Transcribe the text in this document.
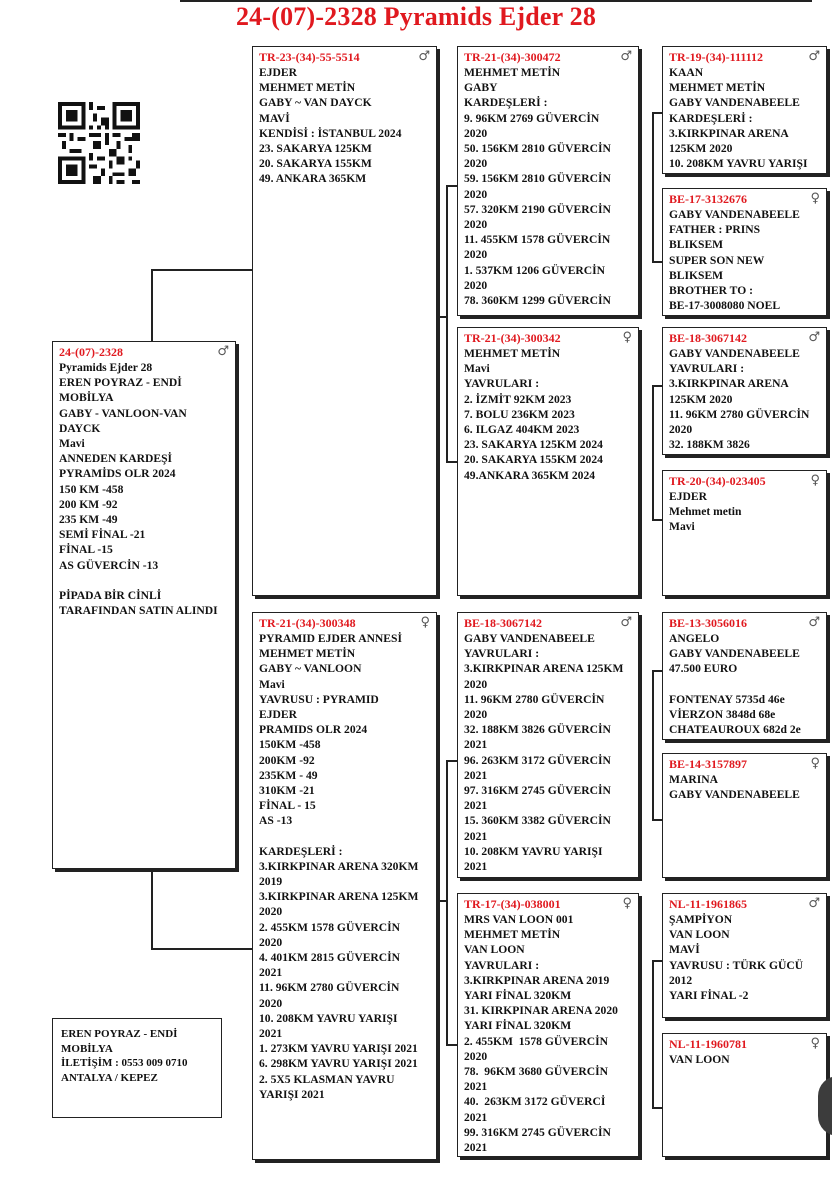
24-(07)-2328 Pyramids Ejder 28
24-(07)-2328	♂
Pyramids Ejder 28
EREN POYRAZ - ENDİ
MOBİLYA
GABY - VANLOON-VAN
DAYCK
Mavi
ANNEDEN KARDEŞİ
PYRAMİDS OLR 2024
150 KM -458
200 KM -92
235 KM -49
SEMİ FİNAL -21
FİNAL -15
AS GÜVERCİN -13
PİPADA BİR CİNLİ
TARAFINDAN SATIN ALINDI
TR-23-(34)-55-5514	♂
EJDER
MEHMET METİN
GABY ~ VAN DAYCK
MAVİ
KENDİSİ : İSTANBUL 2024
23. SAKARYA 125KM
20. SAKARYA 155KM
49. ANKARA 365KM
TR-21-(34)-300348	♀
PYRAMID EJDER ANNESİ
MEHMET METİN
GABY ~ VANLOON
Mavi
YAVRUSU : PYRAMID
EJDER
PRAMIDS OLR 2024
150KM -458
200KM -92
235KM - 49
310KM -21
FİNAL - 15
AS -13
KARDEŞLERİ :
3.KIRKPINAR ARENA 320KM
2019
3.KIRKPINAR ARENA 125KM
2020
2. 455KM 1578 GÜVERCİN
2020
4. 401KM 2815 GÜVERCİN
2021
11. 96KM 2780 GÜVERCİN
2020
10. 208KM YAVRU YARIŞI
2021
1. 273KM YAVRU YARIŞI 2021
6. 298KM YAVRU YARIŞI 2021
2. 5X5 KLASMAN YAVRU
YARIŞI 2021
TR-21-(34)-300472	♂
MEHMET METİN
GABY
KARDEŞLERİ :
9. 96KM 2769 GÜVERCİN
2020
50. 156KM 2810 GÜVERCİN
2020
59. 156KM 2810 GÜVERCİN
2020
57. 320KM 2190 GÜVERCİN
2020
11. 455KM 1578 GÜVERCİN
2020
1. 537KM 1206 GÜVERCİN
2020
78. 360KM 1299 GÜVERCİN
TR-21-(34)-300342	♀
MEHMET METİN
Mavi
YAVRULARI :
2. İZMİT 92KM 2023
7. BOLU 236KM 2023
6. ILGAZ 404KM 2023
23. SAKARYA 125KM 2024
20. SAKARYA 155KM 2024
49.ANKARA 365KM 2024
BE-18-3067142	♂
GABY VANDENABEELE
YAVRULARI :
3.KIRKPINAR ARENA 125KM
2020
11. 96KM 2780 GÜVERCİN
2020
32. 188KM 3826 GÜVERCİN
2021
96. 263KM 3172 GÜVERCİN
2021
97. 316KM 2745 GÜVERCİN
2021
15. 360KM 3382 GÜVERCİN
2021
10. 208KM YAVRU YARIŞI
2021
TR-17-(34)-038001	♀
MRS VAN LOON 001
MEHMET METİN
VAN LOON
YAVRULARI :
3.KIRKPINAR ARENA 2019
YARI FİNAL 320KM
31. KIRKPINAR ARENA 2020
YARI FİNAL 320KM
2. 455KM  1578 GÜVERCİN
2020
78.  96KM 3680 GÜVERCİN
2021
40.  263KM 3172 GÜVERCİ
2021
99. 316KM 2745 GÜVERCİN
2021
TR-19-(34)-111112	♂
KAAN
MEHMET METİN
GABY VANDENABEELE
KARDEŞLERİ :
3.KIRKPINAR ARENA
125KM 2020
10. 208KM YAVRU YARIŞI
BE-17-3132676	♀
GABY VANDENABEELE
FATHER : PRINS
BLIKSEM
SUPER SON NEW
BLIKSEM
BROTHER TO :
BE-17-3008080 NOEL
BE-18-3067142	♂
GABY VANDENABEELE
YAVRULARI :
3.KIRKPINAR ARENA
125KM 2020
11. 96KM 2780 GÜVERCİN
2020
32. 188KM 3826
TR-20-(34)-023405	♀
EJDER
Mehmet metin
Mavi
BE-13-3056016	♂
ANGELO
GABY VANDENABEELE
47.500 EURO
FONTENAY 5735d 46e
VİERZON 3848d 68e
CHATEAUROUX 682d 2e
BE-14-3157897	♀
MARINA
GABY VANDENABEELE
NL-11-1961865	♂
ŞAMPİYON
VAN LOON
MAVİ
YAVRUSU : TÜRK GÜCÜ
2012
YARI FİNAL -2
NL-11-1960781	♀
VAN LOON
EREN POYRAZ - ENDİ
MOBİLYA
İLETİŞİM : 0553 009 0710
ANTALYA / KEPEZ
